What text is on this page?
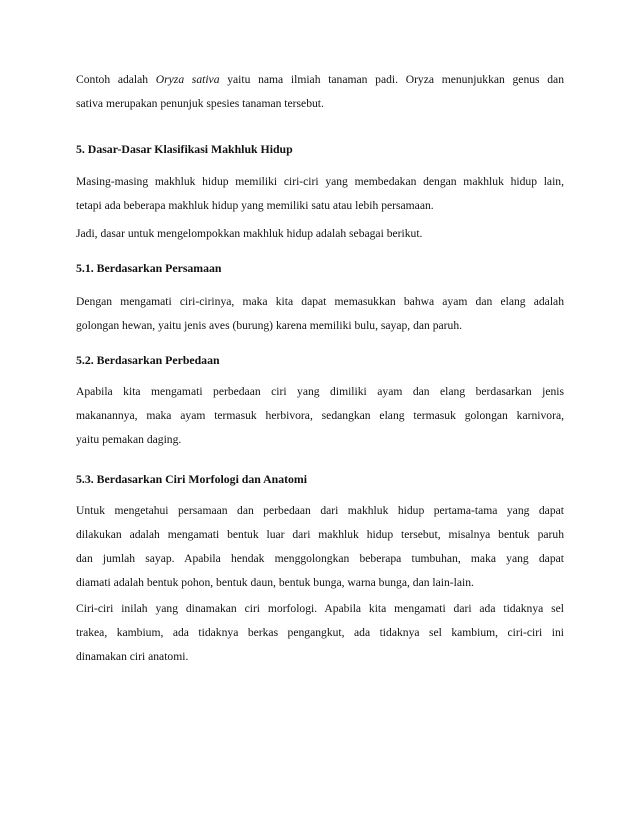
Contoh adalah Oryza sativa yaitu nama ilmiah tanaman padi. Oryza menunjukkan genus dan
sativa merupakan penunjuk spesies tanaman tersebut.
5. Dasar-Dasar Klasifikasi Makhluk Hidup
Masing-masing makhluk hidup memiliki ciri-ciri yang membedakan dengan makhluk hidup lain,
tetapi ada beberapa makhluk hidup yang memiliki satu atau lebih persamaan.
Jadi, dasar untuk mengelompokkan makhluk hidup adalah sebagai berikut.
5.1. Berdasarkan Persamaan
Dengan mengamati ciri-cirinya, maka kita dapat memasukkan bahwa ayam dan elang adalah
golongan hewan, yaitu jenis aves (burung) karena memiliki bulu, sayap, dan paruh.
5.2. Berdasarkan Perbedaan
Apabila kita mengamati perbedaan ciri yang dimiliki ayam dan elang berdasarkan jenis
makanannya, maka ayam termasuk herbivora, sedangkan elang termasuk golongan karnivora,
yaitu pemakan daging.
5.3. Berdasarkan Ciri Morfologi dan Anatomi
Untuk mengetahui persamaan dan perbedaan dari makhluk hidup pertama-tama yang dapat
dilakukan adalah mengamati bentuk luar dari makhluk hidup tersebut, misalnya bentuk paruh
dan jumlah sayap. Apabila hendak menggolongkan beberapa tumbuhan, maka yang dapat
diamati adalah bentuk pohon, bentuk daun, bentuk bunga, warna bunga, dan lain-lain.
Ciri-ciri inilah yang dinamakan ciri morfologi. Apabila kita mengamati dari ada tidaknya sel
trakea, kambium, ada tidaknya berkas pengangkut, ada tidaknya sel kambium, ciri-ciri ini
dinamakan ciri anatomi.
